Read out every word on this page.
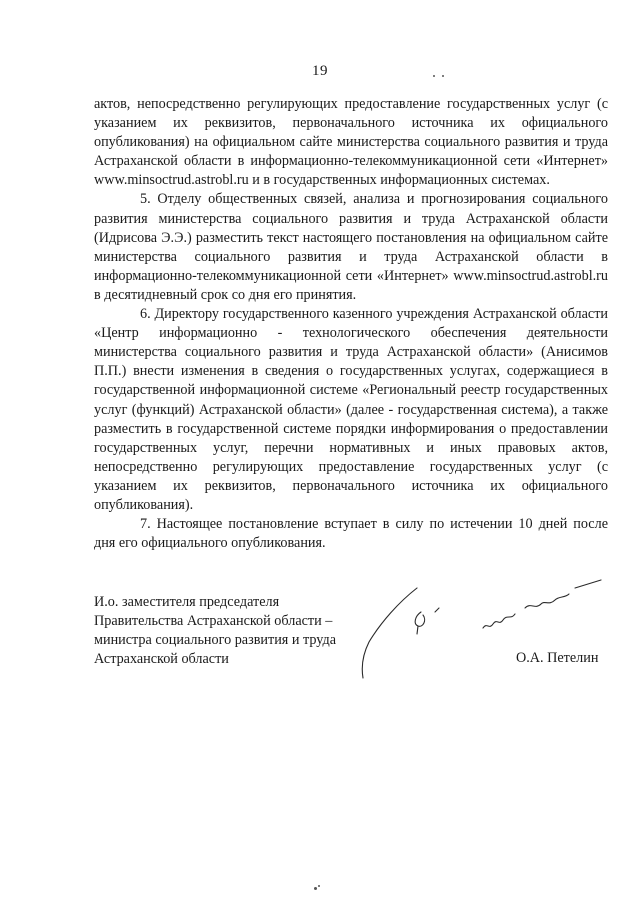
19

актов, непосредственно регулирующих предоставление государственных услуг (с указанием их реквизитов, первоначального источника их официального опубликования) на официальном сайте министерства социального развития и труда Астраханской области в информационно-телекоммуникационной сети «Интернет» www.minsoctrud.astrobl.ru и в государственных информационных системах.

5. Отделу общественных связей, анализа и прогнозирования социального развития министерства социального развития и труда Астраханской области (Идрисова Э.Э.) разместить текст настоящего постановления на официальном сайте министерства социального развития и труда Астраханской области в информационно-телекоммуникационной сети «Интернет» www.minsoctrud.astrobl.ru в десятидневный срок со дня его принятия.

6. Директору государственного казенного учреждения Астраханской области «Центр информационно - технологического обеспечения деятельности министерства социального развития и труда Астраханской области» (Анисимов П.П.) внести изменения в сведения о государственных услугах, содержащиеся в государственной информационной системе «Региональный реестр государственных услуг (функций) Астраханской области» (далее - государственная система), а также разместить в государственной системе порядки информирования о предоставлении государственных услуг, перечни нормативных и иных правовых актов, непосредственно регулирующих предоставление государственных услуг (с указанием их реквизитов, первоначального источника их официального опубликования).

7. Настоящее постановление вступает в силу по истечении 10 дней после дня его официального опубликования.

И.о. заместителя председателя
Правительства Астраханской области –
министра социального развития и труда
Астраханской области	О.А. Петелин
